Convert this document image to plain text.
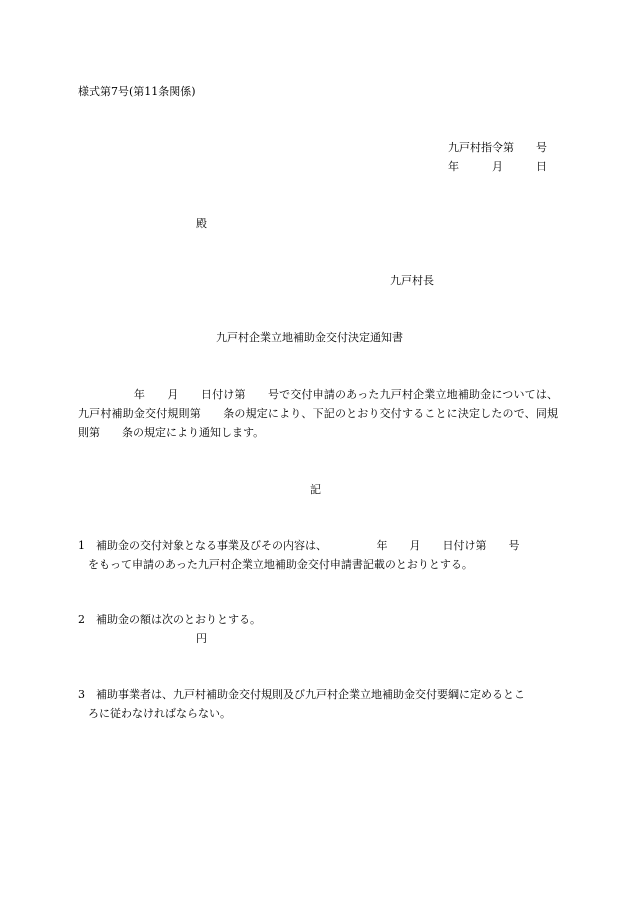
様式第7号(第11条関係)
九戸村指令第　　号
年　　　月　　　日
殿
九戸村長
九戸村企業立地補助金交付決定通知書
　　　　　年　　月　　日付け第　　号で交付申請のあった九戸村企業立地補助金については、九戸村補助金交付規則第　　条の規定により、下記のとおり交付することに決定したので、同規則第　　条の規定により通知します。
記
1　補助金の交付対象となる事業及びその内容は、　　　　　年　　月　　日付け第　　号
をもって申請のあった九戸村企業立地補助金交付申請書記載のとおりとする。
2　補助金の額は次のとおりとする。
円
3　補助事業者は、九戸村補助金交付規則及び九戸村企業立地補助金交付要綱に定めるとこ
ろに従わなければならない。
